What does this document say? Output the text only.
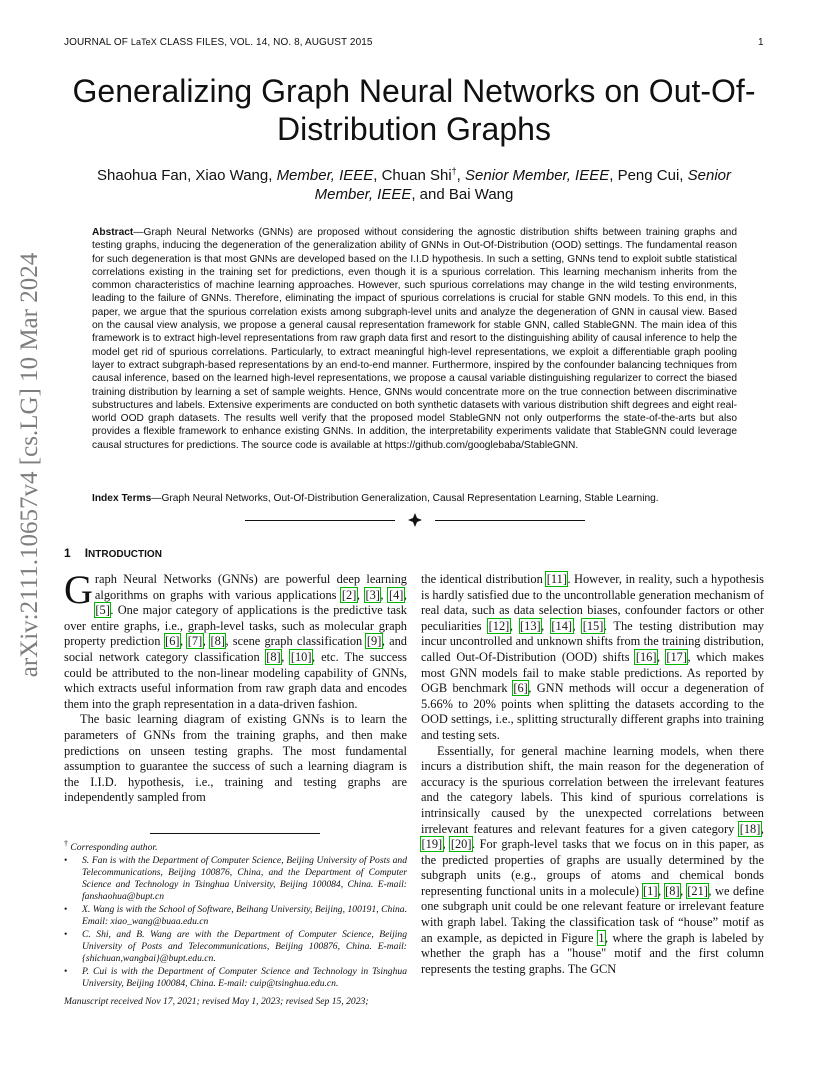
JOURNAL OF LaTeX CLASS FILES, VOL. 14, NO. 8, AUGUST 2015	1
arXiv:2111.10657v4 [cs.LG] 10 Mar 2024
Generalizing Graph Neural Networks on Out-Of-Distribution Graphs
Shaohua Fan, Xiao Wang, Member, IEEE, Chuan Shi†, Senior Member, IEEE, Peng Cui, Senior Member, IEEE, and Bai Wang
Abstract—Graph Neural Networks (GNNs) are proposed without considering the agnostic distribution shifts between training graphs and testing graphs, inducing the degeneration of the generalization ability of GNNs in Out-Of-Distribution (OOD) settings. The fundamental reason for such degeneration is that most GNNs are developed based on the I.I.D hypothesis. In such a setting, GNNs tend to exploit subtle statistical correlations existing in the training set for predictions, even though it is a spurious correlation. This learning mechanism inherits from the common characteristics of machine learning approaches. However, such spurious correlations may change in the wild testing environments, leading to the failure of GNNs. Therefore, eliminating the impact of spurious correlations is crucial for stable GNN models. To this end, in this paper, we argue that the spurious correlation exists among subgraph-level units and analyze the degeneration of GNN in causal view. Based on the causal view analysis, we propose a general causal representation framework for stable GNN, called StableGNN. The main idea of this framework is to extract high-level representations from raw graph data first and resort to the distinguishing ability of causal inference to help the model get rid of spurious correlations. Particularly, to extract meaningful high-level representations, we exploit a differentiable graph pooling layer to extract subgraph-based representations by an end-to-end manner. Furthermore, inspired by the confounder balancing techniques from causal inference, based on the learned high-level representations, we propose a causal variable distinguishing regularizer to correct the biased training distribution by learning a set of sample weights. Hence, GNNs would concentrate more on the true connection between discriminative substructures and labels. Extensive experiments are conducted on both synthetic datasets with various distribution shift degrees and eight real-world OOD graph datasets. The results well verify that the proposed model StableGNN not only outperforms the state-of-the-arts but also provides a flexible framework to enhance existing GNNs. In addition, the interpretability experiments validate that StableGNN could leverage causal structures for predictions. The source code is available at https://github.com/googlebaba/StableGNN.
Index Terms—Graph Neural Networks, Out-Of-Distribution Generalization, Causal Representation Learning, Stable Learning.
1 INTRODUCTION

Graph Neural Networks (GNNs) are powerful deep learning algorithms on graphs with various applications [2], [3], [4], [5]. One major category of applications is the predictive task over entire graphs, i.e., graph-level tasks, such as molecular graph property prediction [6], [7], [8], scene graph classification [9], and social network category classification [8], [10], etc. The success could be attributed to the non-linear modeling capability of GNNs, which extracts useful information from raw graph data and encodes them into the graph representation in a data-driven fashion.

The basic learning diagram of existing GNNs is to learn the parameters of GNNs from the training graphs, and then make predictions on unseen testing graphs. The most fundamental assumption to guarantee the success of such a learning diagram is the I.I.D. hypothesis, i.e., training and testing graphs are independently sampled from

† Corresponding author.

• S. Fan is with the Department of Computer Science, Beijing University of Posts and Telecommunications, Beijing 100876, China, and the Department of Computer Science and Technology in Tsinghua University, Beijing 100084, China. E-mail: fanshaohua@bupt.cn

• X. Wang is with the School of Software, Beihang University, Beijing, 100191, China. Email: xiao_wang@buaa.edu.cn

• C. Shi, and B. Wang are with the Department of Computer Science, Beijing University of Posts and Telecommunications, Beijing 100876, China. E-mail: {shichuan,wangbai}@bupt.edu.cn.

• P. Cui is with the Department of Computer Science and Technology in Tsinghua University, Beijing 100084, China. E-mail: cuip@tsinghua.edu.cn.

Manuscript received Nov 17, 2021; revised May 1, 2023; revised Sep 15, 2023;

the identical distribution [11]. However, in reality, such a hypothesis is hardly satisfied due to the uncontrollable generation mechanism of real data, such as data selection biases, confounder factors or other peculiarities [12], [13], [14], [15]. The testing distribution may incur uncontrolled and unknown shifts from the training distribution, called Out-Of-Distribution (OOD) shifts [16], [17], which makes most GNN models fail to make stable predictions. As reported by OGB benchmark [6], GNN methods will occur a degeneration of 5.66% to 20% points when splitting the datasets according to the OOD settings, i.e., splitting structurally different graphs into training and testing sets.

Essentially, for general machine learning models, when there incurs a distribution shift, the main reason for the degeneration of accuracy is the spurious correlation between the irrelevant features and the category labels. This kind of spurious correlations is intrinsically caused by the unexpected correlations between irrelevant features and relevant features for a given category [18], [19], [20]. For graph-level tasks that we focus on in this paper, as the predicted properties of graphs are usually determined by the subgraph units (e.g., groups of atoms and chemical bonds representing functional units in a molecule) [1], [8], [21], we define one subgraph unit could be one relevant feature or irrelevant feature with graph label. Taking the classification task of “house” motif as an example, as depicted in Figure 1, where the graph is labeled by whether the graph has a "house" motif and the first column represents the testing graphs. The GCN
